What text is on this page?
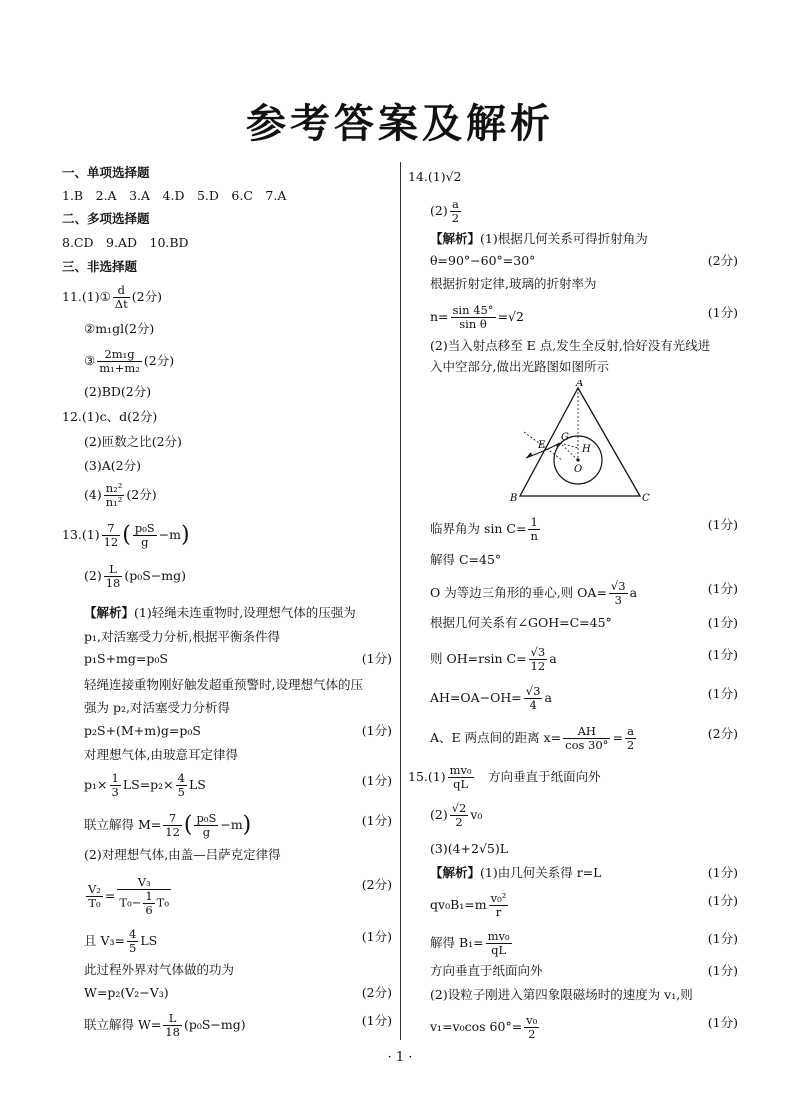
参考答案及解析
一、单项选择题
1.B　2.A　3.A　4.D　5.D　6.C　7.A
二、多项选择题
8.CD　9.AD　10.BD
三、非选择题
11.(1)① $\frac{d}{\Delta t} (2$分)
②m₁gl(2分)
③ $\frac{\text{2m₁g}}{\text{m₁+m₂}} (2$分)
(2)BD(2分)
12.(1)c、d(2分)
(2)匝数之比(2分)
(3)A(2分)
$(4) \frac{\text{n₂²}}{\text{n₁²}} (2$分)
$13.(1) \frac{7}{12}$ ( $\frac{\text{p₀S}}{g} -m$)
$(2) \frac{L}{18} (p_0S-mg)$
【解析】(1)轻绳未连重物时,设理想气体的压强为
p₁,对活塞受力分析,根据平衡条件得
p₁S+mg=p₀S	(1分)
轻绳连接重物刚好触发超重预警时,设理想气体的压
强为 p₂,对活塞受力分析得
p₂S+(M+m)g=p₀S	(1分)
对理想气体,由玻意耳定律得
$p_1\times \frac{1}{3} LS=p_2\times \frac{4}{5}$ LS	(1分)
联立解得 $M= \frac{7}{12}$ ( $\frac{\text{p₀S}}{g} -m$)	(1分)
(2)对理想气体,由盖—吕萨克定律得
$\frac{\text{V₂}}{\text{T₀}} = \frac{\text{V₃}}{T_0- \frac{1}{6} T_0}$	(2分)
且 $V_3= \frac{4}{5}$ LS	(1分)
此过程外界对气体做的功为
W=p₂(V₂−V₃)	(2分)
联立解得 $W= \frac{L}{18} (p_0S-mg)$	(1分)
14.(1)√2
$(2) \frac{a}{2}$
【解析】(1)根据几何关系可得折射角为
θ=90°−60°=30°	(2分)
根据折射定律,玻璃的折射率为
$n= \frac{\sin 45^\circ}{\text{sin θ}} =√2$	(1分)
(2)当入射点移至 E 点,发生全反射,恰好没有光线进
入中空部分,做出光路图如图所示
临界角为 $\sin C= \frac{1}{n}$	(1分)
解得 C=45°
O 为等边三角形的垂心,则 $OA= \frac{√3}{3}$ a	(1分)
根据几何关系有∠GOH=C=45°	(1分)
则 OH=rsin $C= \frac{√3}{12}$ a	(1分)
$AH=OA-OH= \frac{√3}{4}$ a	(1分)
A、E 两点间的距离 $x= \frac{AH}{\cos 30^\circ} = \frac{a}{2}$	(2分)
$15.(1) \frac{\text{mv₀}}{qL}$ 　方向垂直于纸面向外
$(2) \frac{√2}{2} v_0$
(3)(4+2√5)L
【解析】(1)由几何关系得 r=L	(1分)
$qv_0B_1=m \frac{\text{v₀²}}{r}$	(1分)
解得 $B_1= \frac{\text{mv₀}}{qL}$	(1分)
方向垂直于纸面向外	(1分)
(2)设粒子刚进入第四象限磁场时的速度为 v₁,则
v₁=v₀cos $60^\circ= \frac{\text{v₀}}{2}$	(1分)
A
B	C
E
G
H
O
· 1 ·
